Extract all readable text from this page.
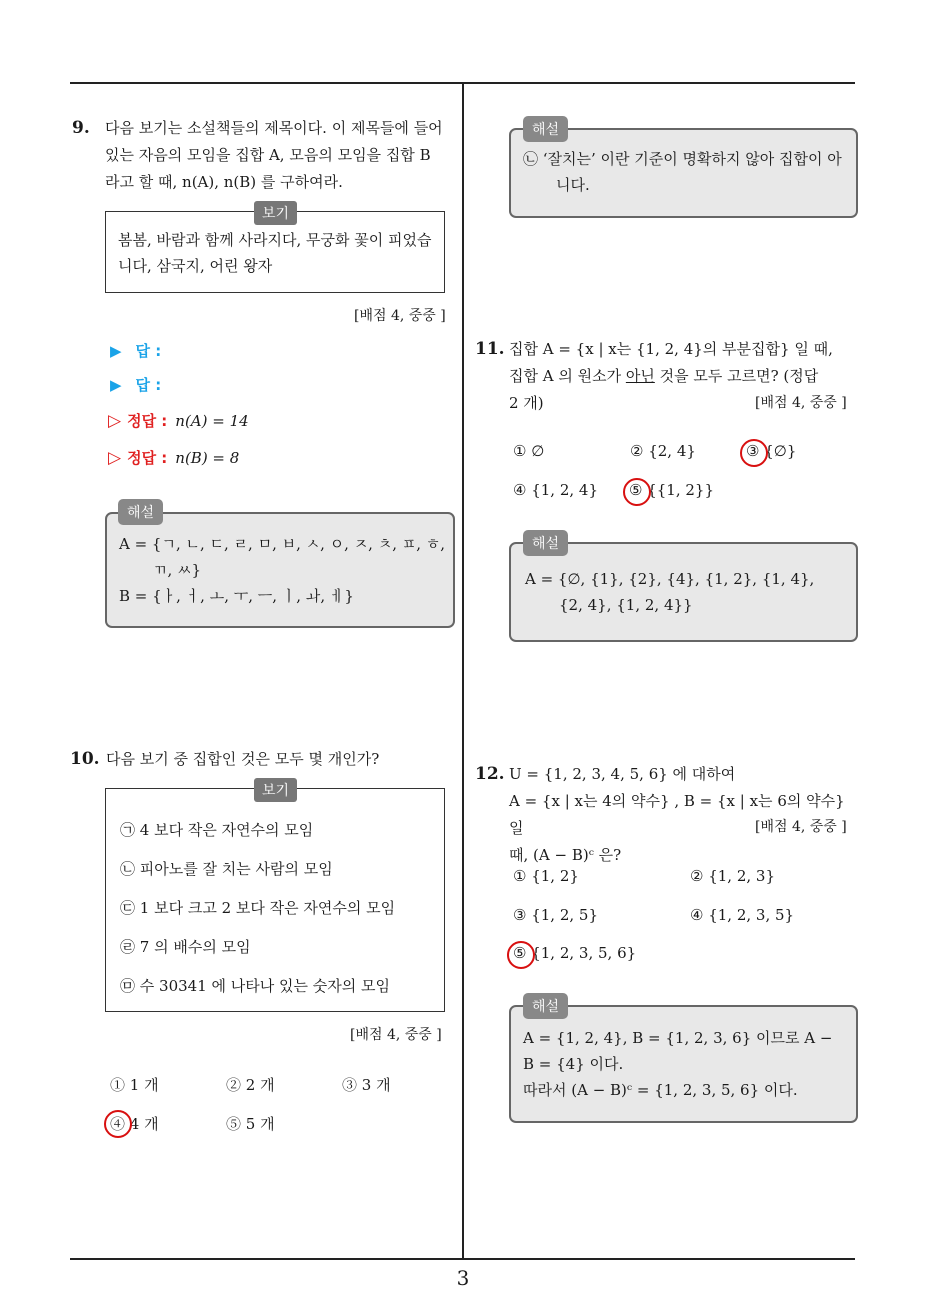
9. 다음 보기는 소설책들의 제목이다. 이 제목들에 들어
있는 자음의 모임을 집합 A, 모음의 모임을 집합 B
라고 할 때, n(A), n(B) 를 구하여라.
봄봄, 바람과 함께 사라지다, 무궁화 꽃이 피었습
니다, 삼국지, 어린 왕자
보기
[배점 4, 중중 ]
▶ 답 :
▶ 답 :
▷ 정답 : n(A) = 14
▷ 정답 : n(B) = 8
A = {ㄱ, ㄴ, ㄷ, ㄹ, ㅁ, ㅂ, ㅅ, ㅇ, ㅈ, ㅊ, ㅍ, ㅎ,
ㄲ, ㅆ}
B = {ㅏ, ㅓ, ㅗ, ㅜ, ㅡ, ㅣ, ㅘ, ㅔ}
해설
10. 다음 보기 중 집합인 것은 모두 몇 개인가?
㉠ 4 보다 작은 자연수의 모임
㉡ 피아노를 잘 치는 사람의 모임
㉢ 1 보다 크고 2 보다 작은 자연수의 모임
㉣ 7 의 배수의 모임
㉤ 수 30341 에 나타나 있는 숫자의 모임
보기
[배점 4, 중중 ]
① 1 개	② 2 개	③ 3 개
④ 4 개	⑤ 5 개
㉡ ‘잘치는’ 이란 기준이 명확하지 않아 집합이 아
니다.
해설
11. 집합 A = {x | x는 {1, 2, 4}의 부분집합} 일 때,
집합 A 의 원소가 아닌 것을 모두 고르면? (정답
2 개)	[배점 4, 중중 ]
① ∅	② {2, 4}	③ {∅}
④ {1, 2, 4} ⑤ {{1, 2}}
A = {∅, {1}, {2}, {4}, {1, 2}, {1, 4},
{2, 4}, {1, 2, 4}}
해설
12. U = {1, 2, 3, 4, 5, 6} 에 대하여
A = {x | x는 4의 약수} , B = {x | x는 6의 약수} 일
때, (A − B)ᶜ 은?
[배점 4, 중중 ]
① {1, 2}	② {1, 2, 3}
③ {1, 2, 5}	④ {1, 2, 3, 5}
⑤ {1, 2, 3, 5, 6}
A = {1, 2, 4}, B = {1, 2, 3, 6} 이므로 A −
B = {4} 이다.
따라서 (A − B)ᶜ = {1, 2, 3, 5, 6} 이다.
해설
3
